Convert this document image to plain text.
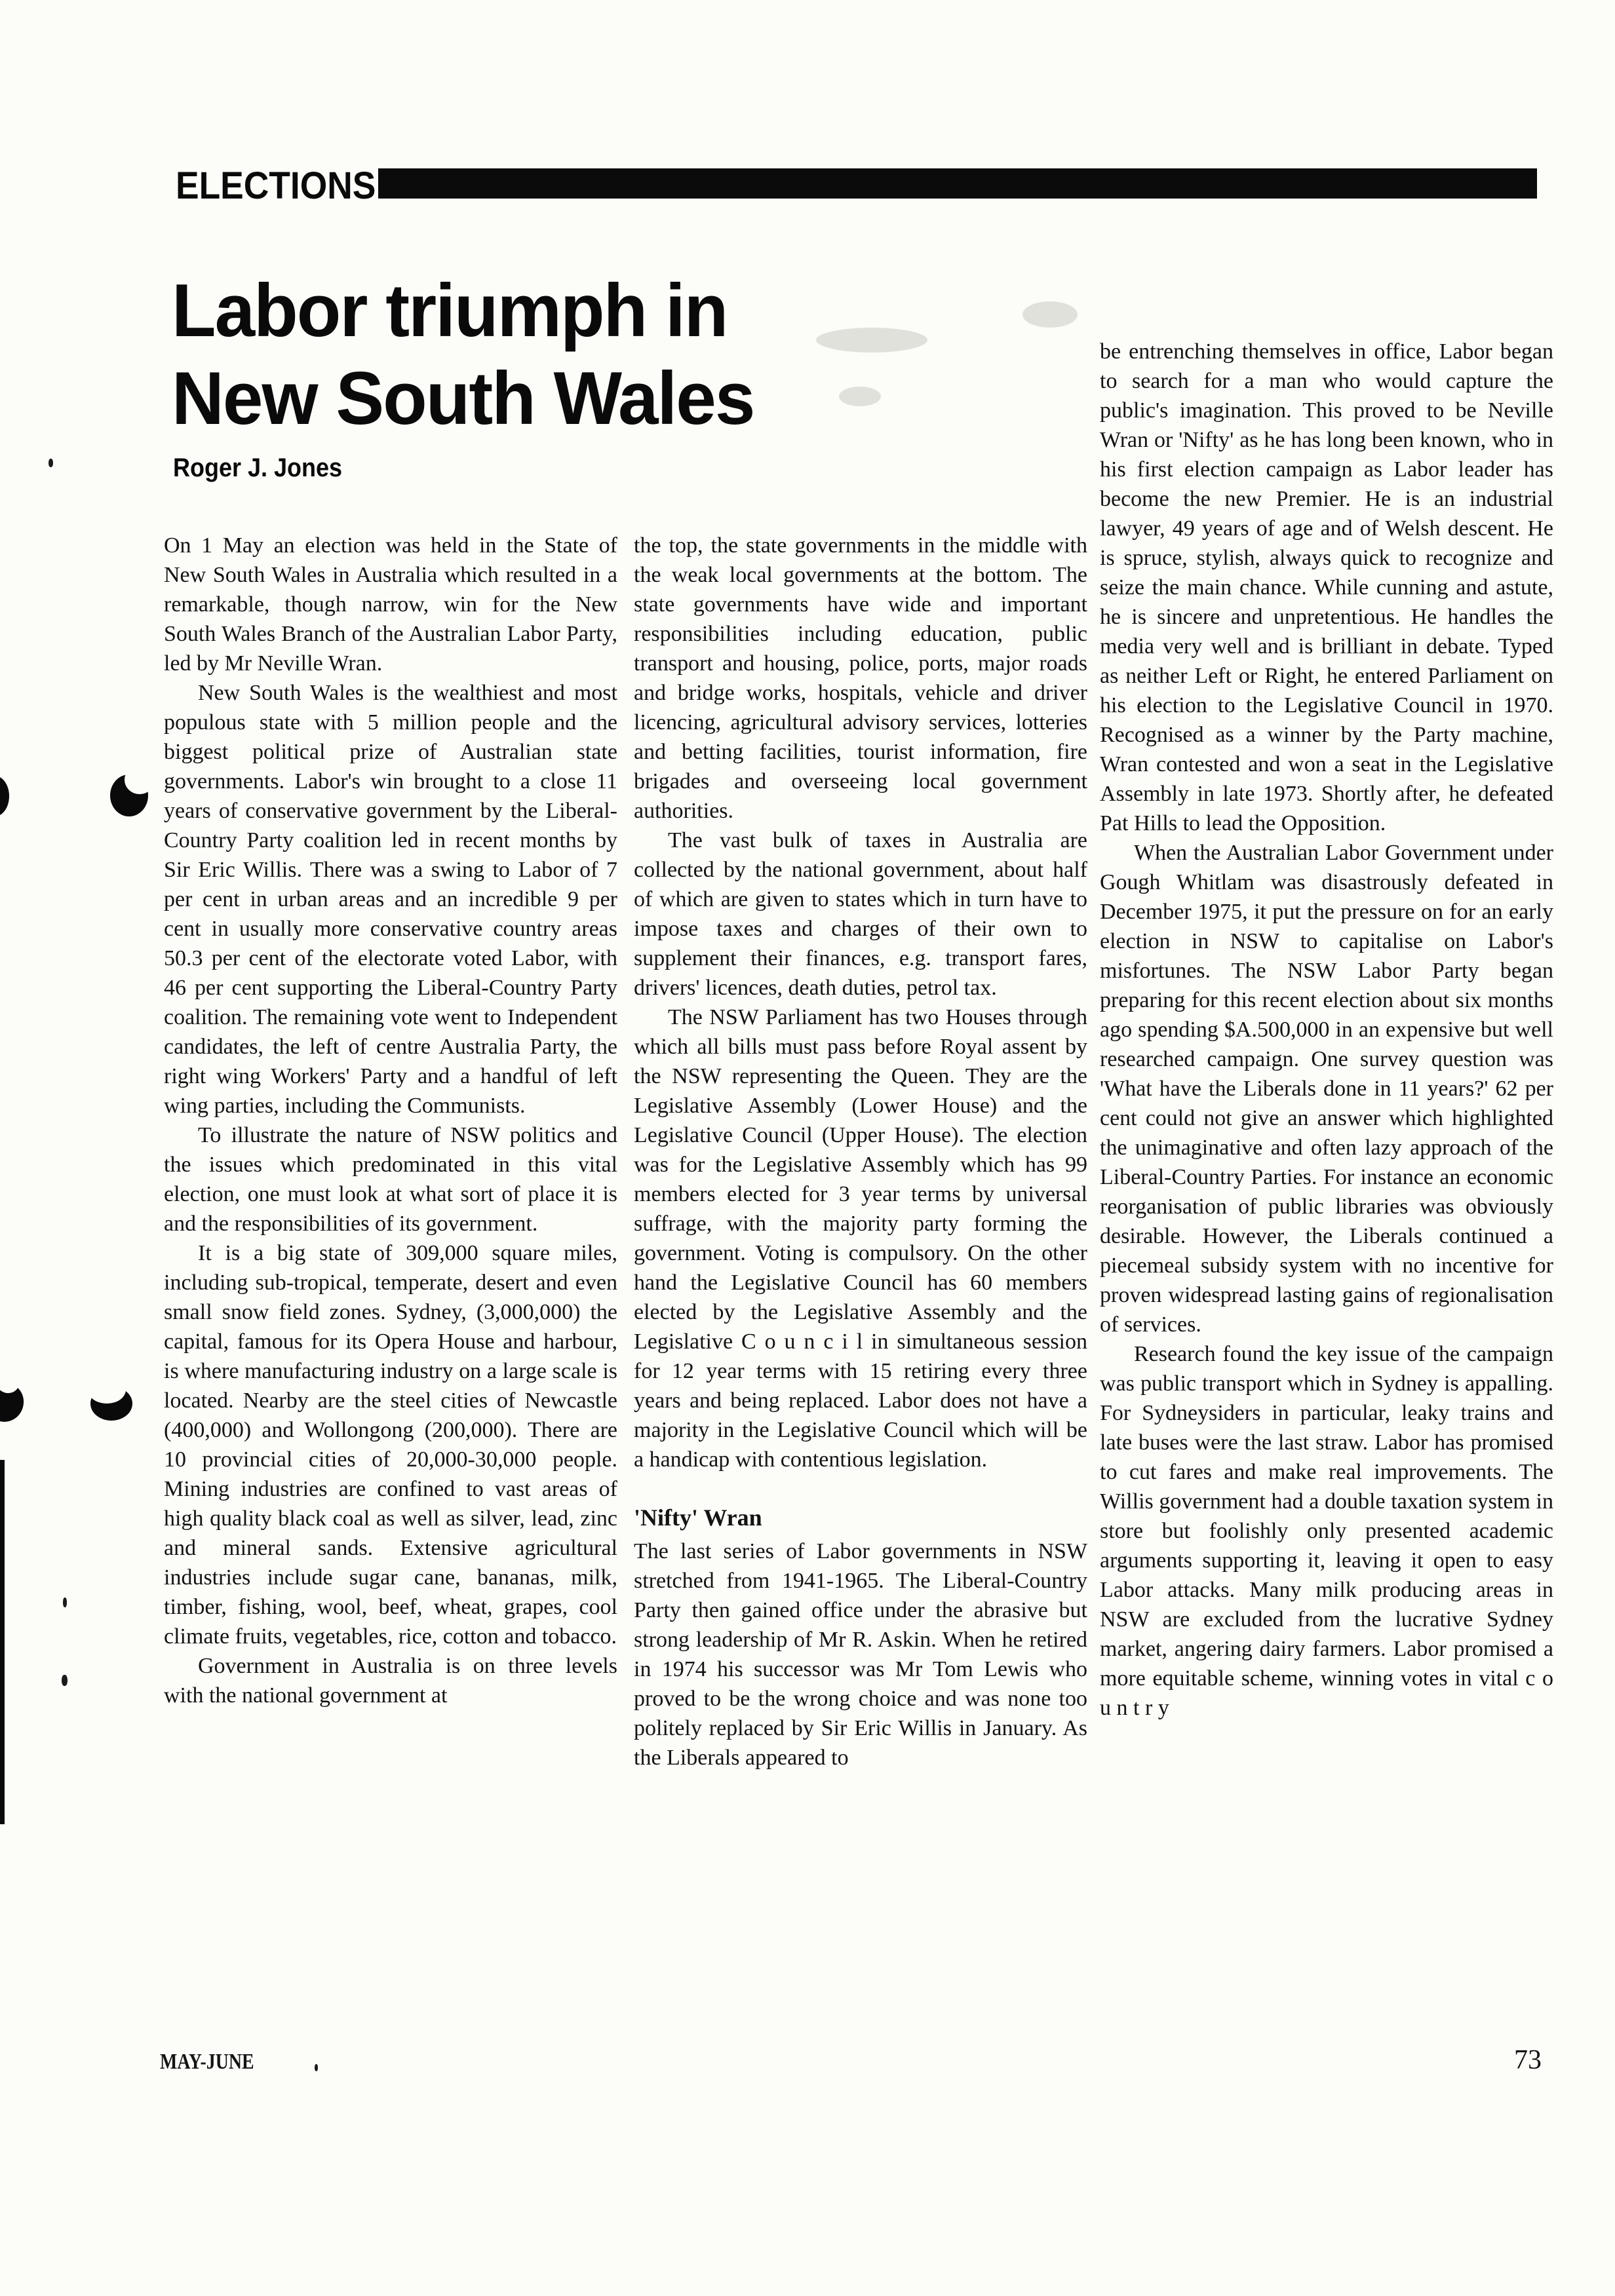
ELECTIONS
Labor triumph in
New South Wales
Roger J. Jones

On 1 May an election was held in the State of New South Wales in Australia which resulted in a remarkable, though narrow, win for the New South Wales Branch of the Australian Labor Party, led by Mr Neville Wran.

New South Wales is the wealthiest and most populous state with 5 million people and the biggest political prize of Australian state governments. Labor's win brought to a close 11 years of conservative government by the Liberal-Country Party coalition led in recent months by Sir Eric Willis. There was a swing to Labor of 7 per cent in urban areas and an incredible 9 per cent in usually more conservative country areas 50.3 per cent of the electorate voted Labor, with 46 per cent supporting the Liberal-Country Party coalition. The remaining vote went to Independent candidates, the left of centre Australia Party, the right wing Workers' Party and a handful of left wing parties, including the Communists.

To illustrate the nature of NSW politics and the issues which predominated in this vital election, one must look at what sort of place it is and the responsibilities of its government.

It is a big state of 309,000 square miles, including sub-tropical, temperate, desert and even small snow field zones. Sydney, (3,000,000) the capital, famous for its Opera House and harbour, is where manufacturing industry on a large scale is located. Nearby are the steel cities of Newcastle (400,000) and Wollongong (200,000). There are 10 provincial cities of 20,000-30,000 people. Mining industries are confined to vast areas of high quality black coal as well as silver, lead, zinc and mineral sands. Extensive agricultural industries include sugar cane, bananas, milk, timber, fishing, wool, beef, wheat, grapes, cool climate fruits, vegetables, rice, cotton and tobacco.

Government in Australia is on three levels with the national government at

the top, the state governments in the middle with the weak local governments at the bottom. The state governments have wide and important responsibilities including education, public transport and housing, police, ports, major roads and bridge works, hospitals, vehicle and driver licencing, agricultural advisory services, lotteries and betting facilities, tourist information, fire brigades and overseeing local government authorities.

The vast bulk of taxes in Australia are collected by the national government, about half of which are given to states which in turn have to impose taxes and charges of their own to supplement their finances, e.g. transport fares, drivers' licences, death duties, petrol tax.

The NSW Parliament has two Houses through which all bills must pass before Royal assent by the NSW representing the Queen. They are the Legislative Assembly (Lower House) and the Legislative Council (Upper House). The election was for the Legislative Assembly which has 99 members elected for 3 year terms by universal suffrage, with the majority party forming the government. Voting is compulsory. On the other hand the Legislative Council has 60 members elected by the Legislative Assembly and the Legislative C o u n c i l in simultaneous session for 12 year terms with 15 retiring every three years and being replaced. Labor does not have a majority in the Legislative Council which will be a handicap with contentious legislation.

'Nifty' Wran

The last series of Labor governments in NSW stretched from 1941-1965. The Liberal-Country Party then gained office under the abrasive but strong leadership of Mr R. Askin. When he retired in 1974 his successor was Mr Tom Lewis who proved to be the wrong choice and was none too politely replaced by Sir Eric Willis in January. As the Liberals appeared to

be entrenching themselves in office, Labor began to search for a man who would capture the public's imagination. This proved to be Neville Wran or 'Nifty' as he has long been known, who in his first election campaign as Labor leader has become the new Premier. He is an industrial lawyer, 49 years of age and of Welsh descent. He is spruce, stylish, always quick to recognize and seize the main chance. While cunning and astute, he is sincere and unpretentious. He handles the media very well and is brilliant in debate. Typed as neither Left or Right, he entered Parliament on his election to the Legislative Council in 1970. Recognised as a winner by the Party machine, Wran contested and won a seat in the Legislative Assembly in late 1973. Shortly after, he defeated Pat Hills to lead the Opposition.

When the Australian Labor Government under Gough Whitlam was disastrously defeated in December 1975, it put the pressure on for an early election in NSW to capitalise on Labor's misfortunes. The NSW Labor Party began preparing for this recent election about six months ago spending $A.500,000 in an expensive but well researched campaign. One survey question was 'What have the Liberals done in 11 years?' 62 per cent could not give an answer which highlighted the unimaginative and often lazy approach of the Liberal-Country Parties. For instance an economic reorganisation of public libraries was obviously desirable. However, the Liberals continued a piecemeal subsidy system with no incentive for proven widespread lasting gains of regionalisation of services.

Research found the key issue of the campaign was public transport which in Sydney is appalling. For Sydneysiders in particular, leaky trains and late buses were the last straw. Labor has promised to cut fares and make real improvements. The Willis government had a double taxation system in store but foolishly only presented academic arguments supporting it, leaving it open to easy Labor attacks. Many milk producing areas in NSW are excluded from the lucrative Sydney market, angering dairy farmers. Labor promised a more equitable scheme, winning votes in vital c o u n t r y

MAY-JUNE	73
